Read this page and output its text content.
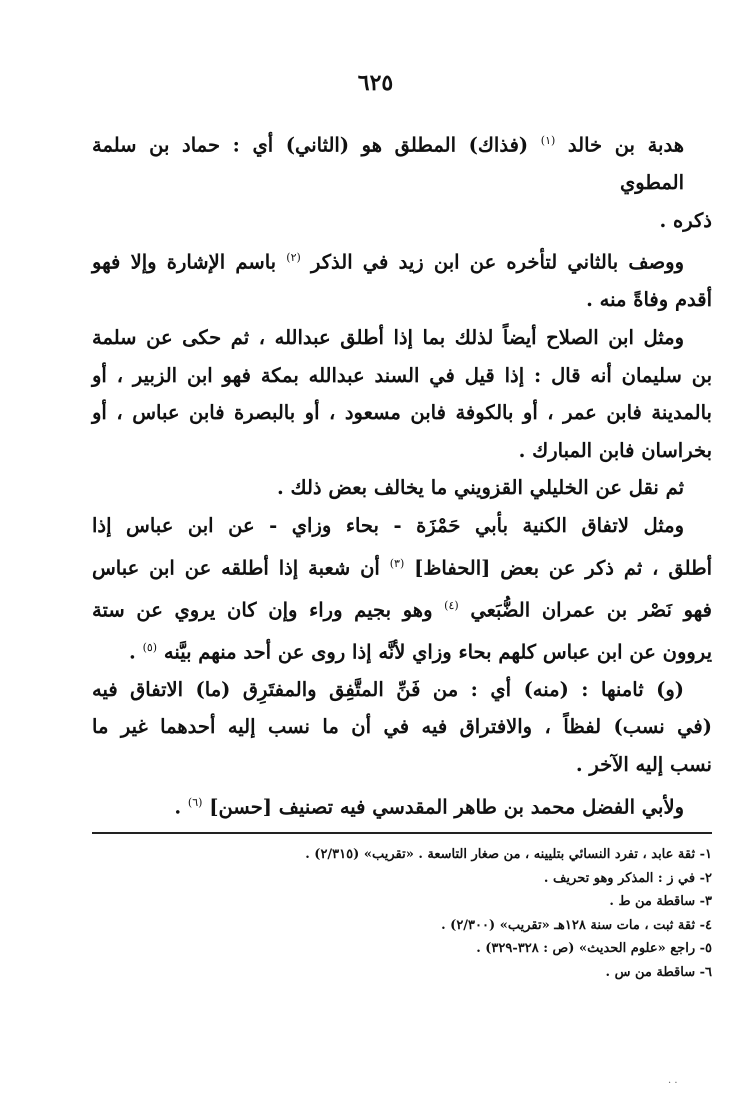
٦٢٥

هدبة بن خالد $^{(١)}$ (فذاك) المطلق هو (الثاني) أي : حماد بن سلمة المطوي
ذكره .

ووصف بالثاني لتأخره عن ابن زيد في الذكر $^{(٢)}$ باسم الإشارة وإلا فهو
أقدم وفاةً منه .

ومثل ابن الصلاح أيضاً لذلك بما إذا أطلق عبدالله ، ثم حكى عن سلمة
بن سليمان أنه قال : إذا قيل في السند عبدالله بمكة فهو ابن الزبير ، أو
بالمدينة فابن عمر ، أو بالكوفة فابن مسعود ، أو بالبصرة فابن عباس ، أو
بخراسان فابن المبارك .

ثم نقل عن الخليلي القزويني ما يخالف بعض ذلك .

ومثل لاتفاق الكنية بأبي حَمْزَة - بحاء وزاي - عن ابن عباس إذا
أطلق ، ثم ذكر عن بعض [الحفاظ] $^{(٣)}$ أن شعبة إذا أطلقه عن ابن عباس
فهو نَصْر بن عمران الضُّبَعي $^{(٤)}$ وهو بجيم وراء وإن كان يروي عن ستة
يروون عن ابن عباس كلهم بحاء وزاي لأنَّه إذا روى عن أحد منهم بيَّنه $^{(٥)}$ .

(و) ثامنها : (منه) أي : من فَنِّ المتَّفِق والمفتَرِق (ما) الاتفاق فيه
(في نسب) لفظاً ، والافتراق فيه في أن ما نسب إليه أحدهما غير ما
نسب إليه الآخر .

ولأبي الفضل محمد بن طاهر المقدسي فيه تصنيف [حسن] $^{(٦)}$ .

١- ثقة عابد ، تفرد النسائي بتليينه ، من صغار التاسعة . «تقريب» (٢/٣١٥) .
٢- في ز : المذكر وهو تحريف .
٣- ساقطة من ط .
٤- ثقة ثبت ، مات سنة ١٢٨هـ «تقريب» (٢/٣٠٠) .
٥- راجع «علوم الحديث» (ص : ٣٢٨-٣٢٩) .
٦- ساقطة من س .
· ·
